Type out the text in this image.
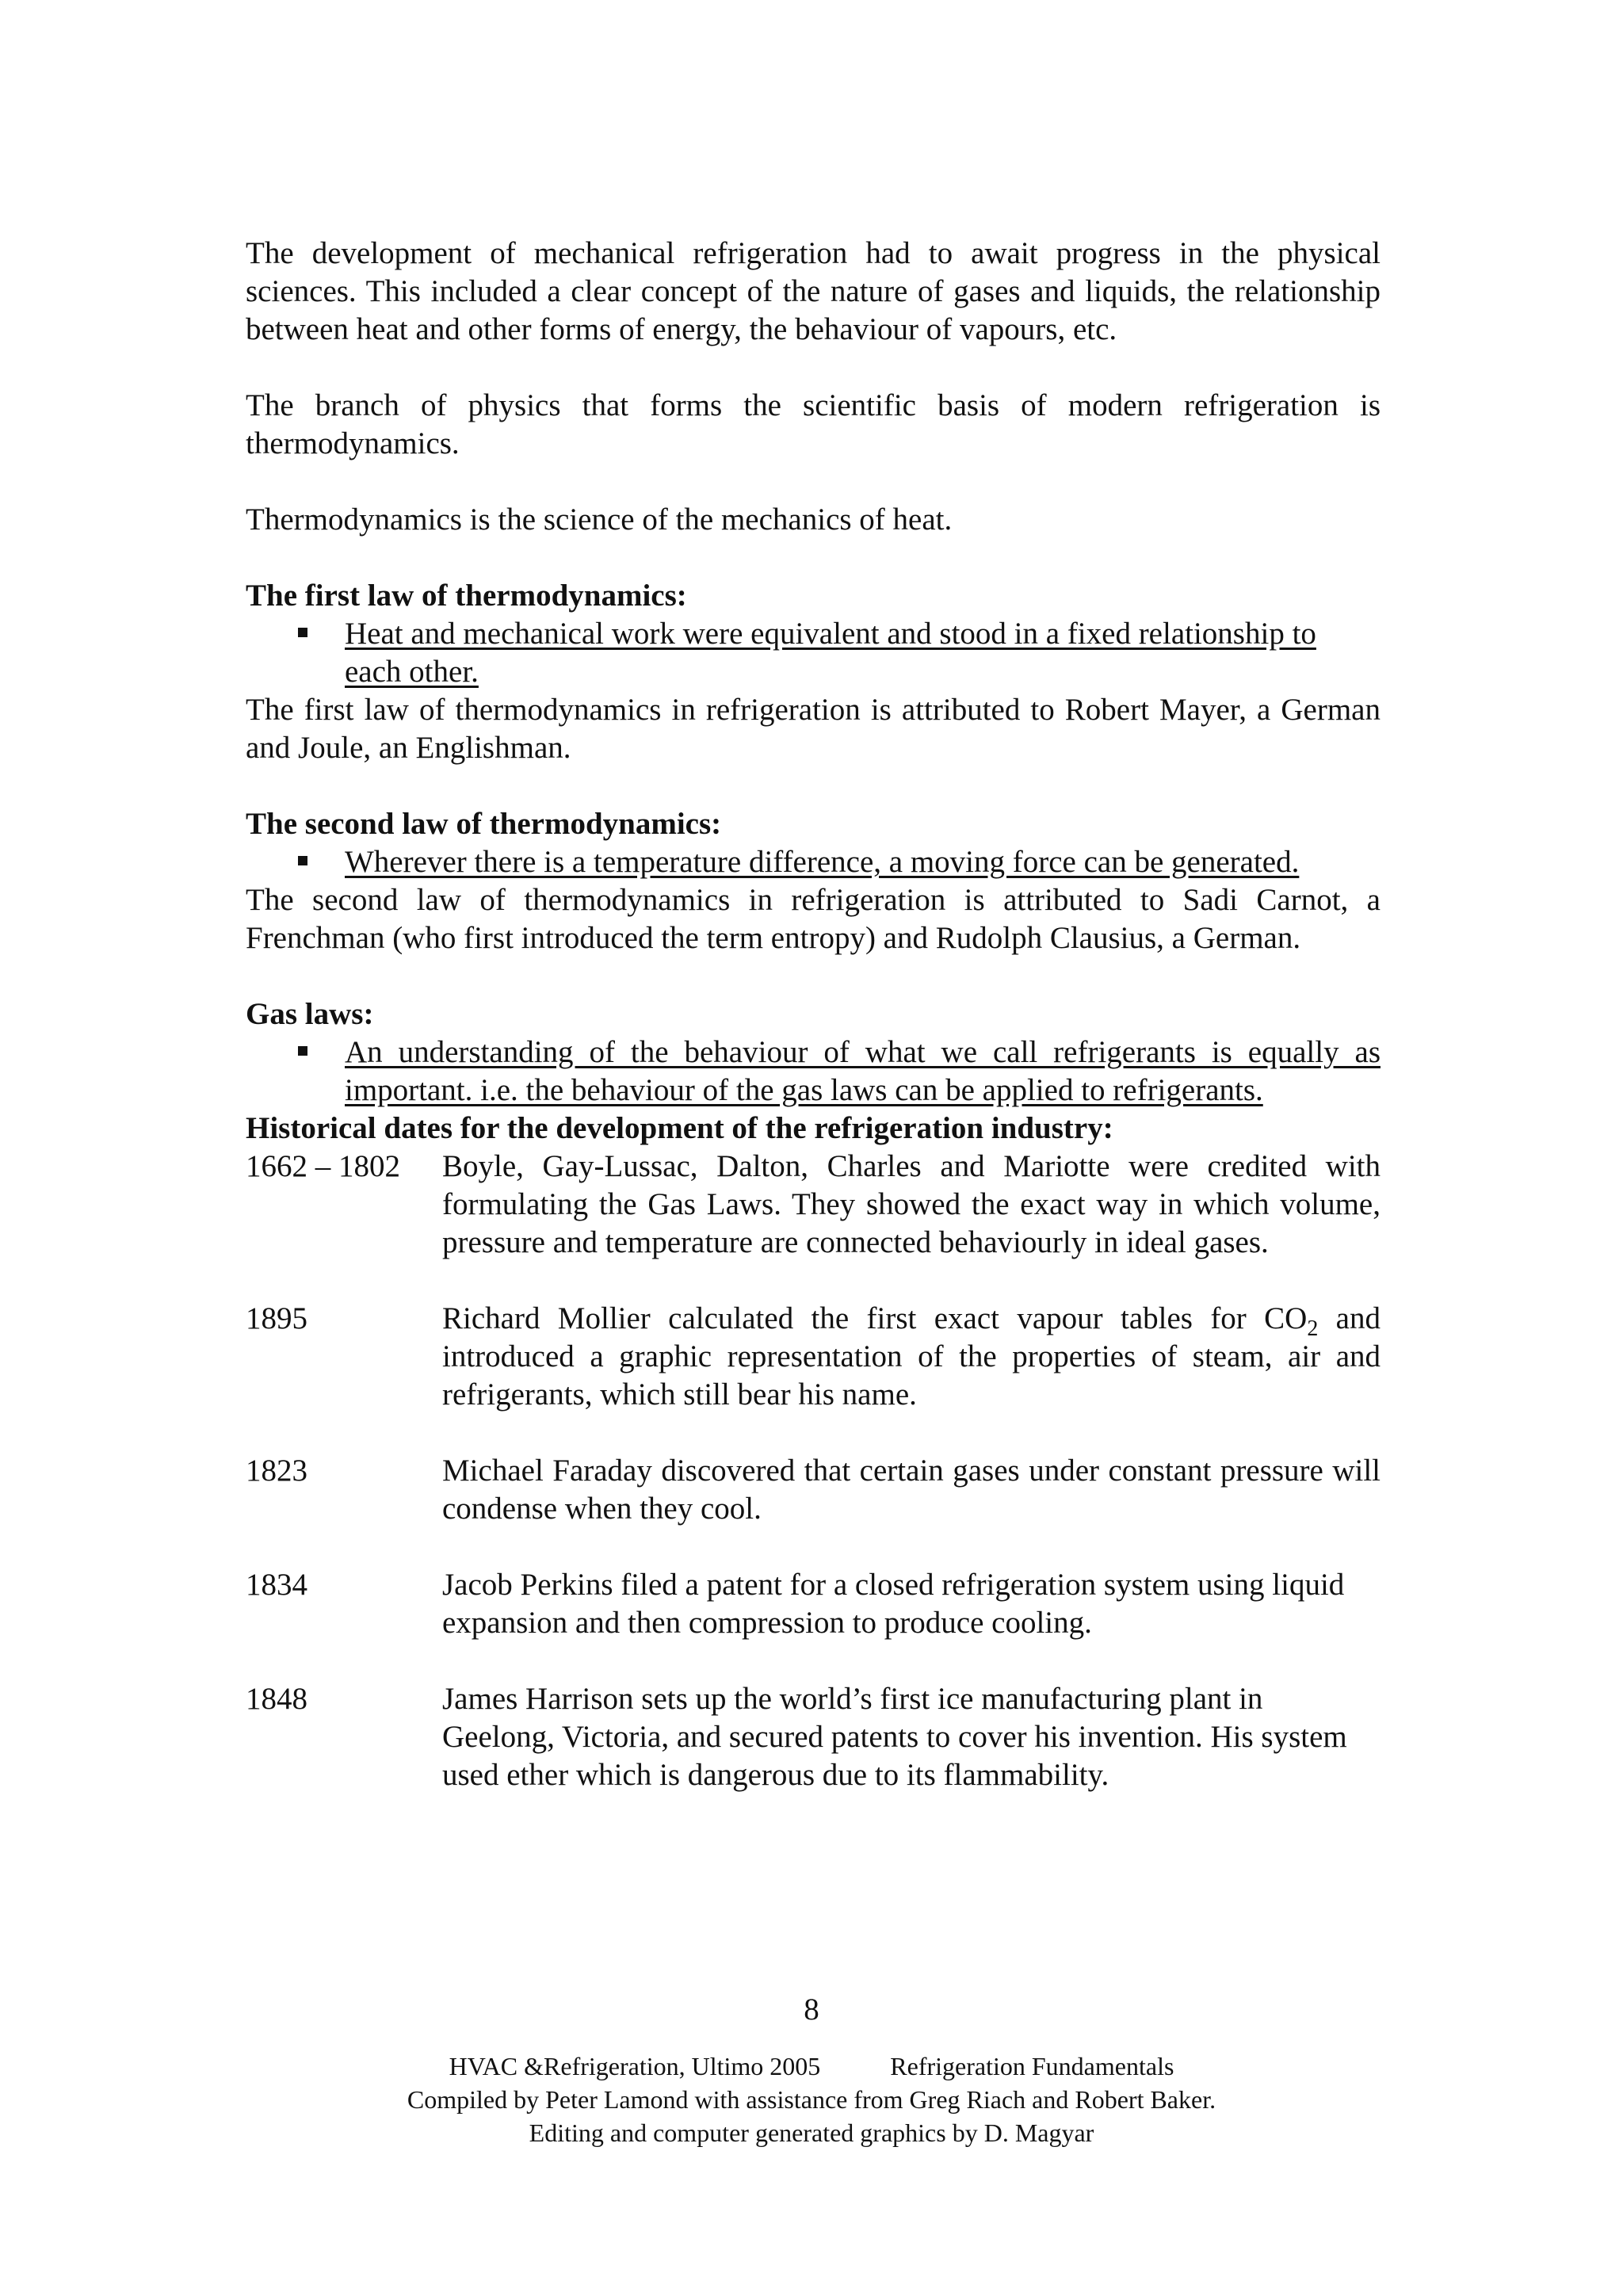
The development of mechanical refrigeration had to await progress in the physical sciences. This included a clear concept of the nature of gases and liquids, the relationship between heat and other forms of energy, the behaviour of vapours, etc.

The branch of physics that forms the scientific basis of modern refrigeration is thermodynamics.

Thermodynamics is the science of the mechanics of heat.

The first law of thermodynamics:
Heat and mechanical work were equivalent and stood in a fixed relationship to each other.

The first law of thermodynamics in refrigeration is attributed to Robert Mayer, a German and Joule, an Englishman.

The second law of thermodynamics:
Wherever there is a temperature difference, a moving force can be generated.

The second law of thermodynamics in refrigeration is attributed to Sadi Carnot, a Frenchman (who first introduced the term entropy) and Rudolph Clausius, a German.

Gas laws:
An understanding of the behaviour of what we call refrigerants is equally as important. i.e. the behaviour of the gas laws can be applied to refrigerants.
Historical dates for the development of the refrigeration industry:
1662 – 1802	Boyle, Gay-Lussac, Dalton, Charles and Mariotte were credited with formulating the Gas Laws. They showed the exact way in which volume, pressure and temperature are connected behaviourly in ideal gases.
1895	Richard Mollier calculated the first exact vapour tables for $CO_2$ and introduced a graphic representation of the properties of steam, air and refrigerants, which still bear his name.
1823	Michael Faraday discovered that certain gases under constant pressure will condense when they cool.
1834	Jacob Perkins filed a patent for a closed refrigeration system using liquid expansion and then compression to produce cooling.
1848	James Harrison sets up the world’s first ice manufacturing plant in Geelong, Victoria, and secured patents to cover his invention. His system used ether which is dangerous due to its flammability.
8
HVAC &Refrigeration, Ultimo 2005	Refrigeration Fundamentals
Compiled by Peter Lamond with assistance from Greg Riach and Robert Baker.
Editing and computer generated graphics by D. Magyar
